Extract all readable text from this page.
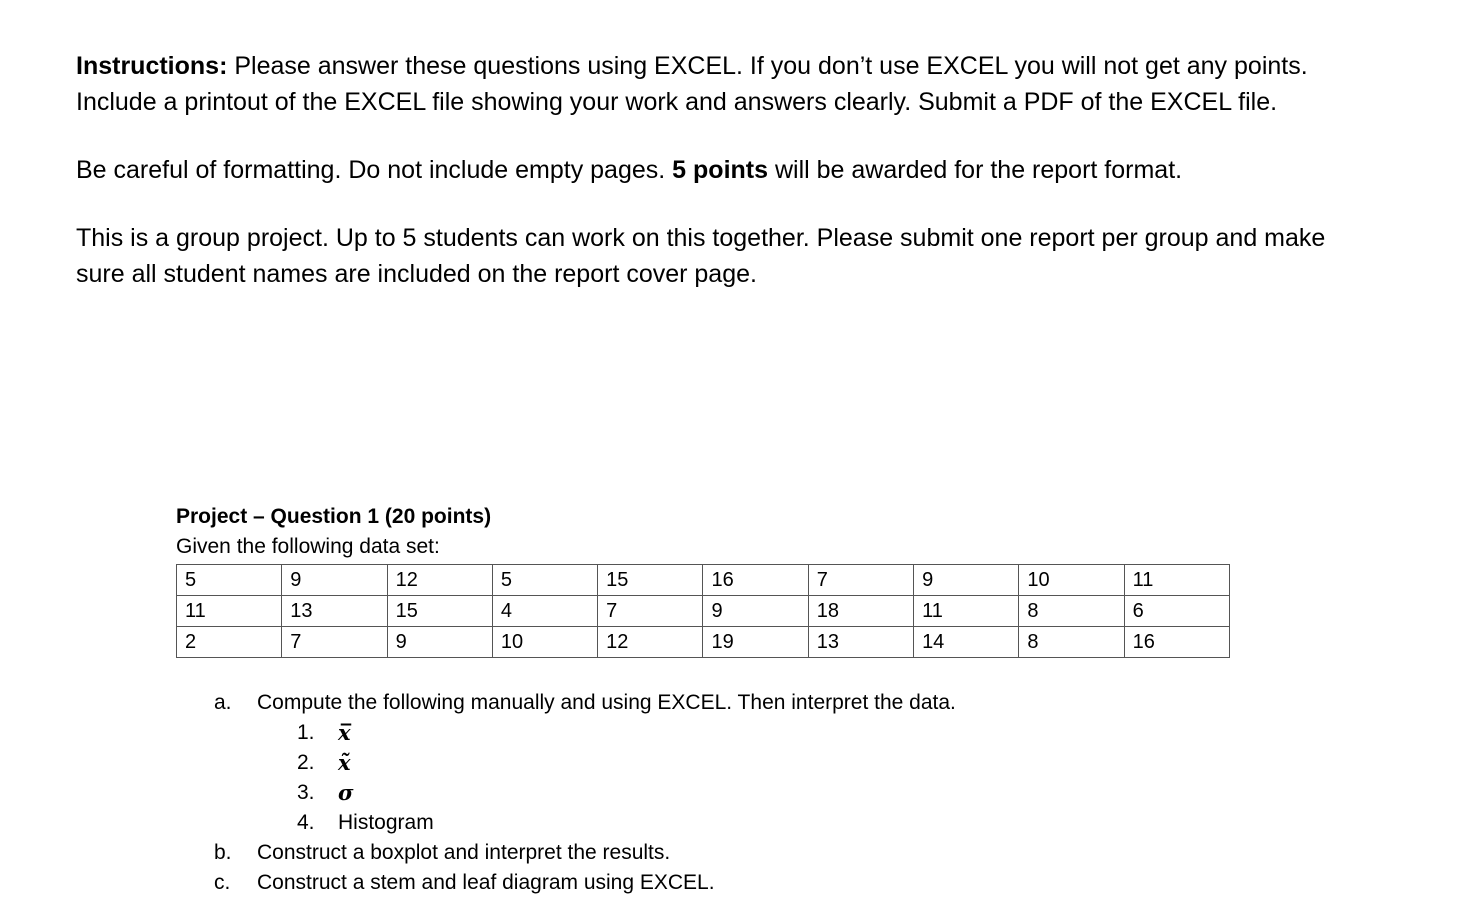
Instructions: Please answer these questions using EXCEL. If you don’t use EXCEL you will not get any points. Include a printout of the EXCEL file showing your work and answers clearly. Submit a PDF of the EXCEL file.

Be careful of formatting. Do not include empty pages. 5 points will be awarded for the report format.

This is a group project. Up to 5 students can work on this together. Please submit one report per group and make sure all student names are included on the report cover page.

Project – Question 1 (20 points)
Given the following data set:
5	9	12	5	15	16	7	9	10	11
11	13	15	4	7	9	18	11	8	6
2	7	9	10	12	19	13	14	8	16
a.	Compute the following manually and using EXCEL. Then interpret the data.
1.	x̅
2.	x̃
3.	σ
4.	Histogram
b.	Construct a boxplot and interpret the results.
c.	Construct a stem and leaf diagram using EXCEL.
